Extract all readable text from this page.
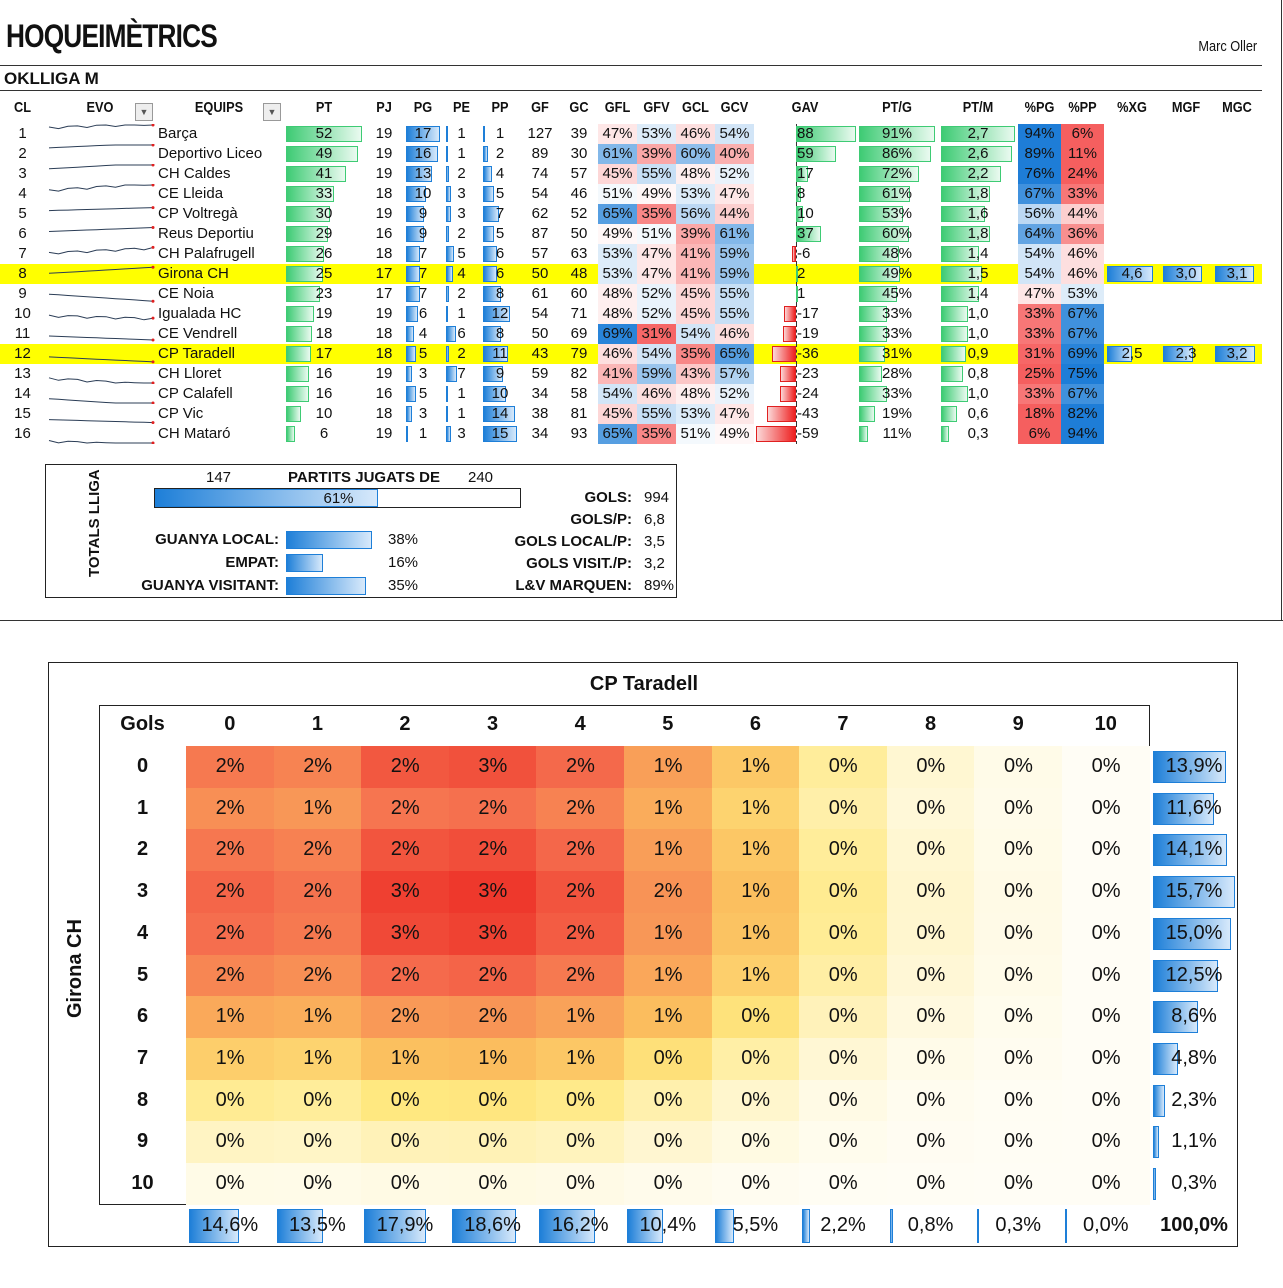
HOQUEIMÈTRICS	Marc Oller
OKLLIGA M
▼	▼
CL	EVO	EQUIPS	PT	PJ	PG	PE	PP	GF	GC	GFL GFV GCL GCV	GAV	PT/G	PT/M	%PG %PP	%XG	MGF	MGC
1	Barça	52	19	17	1	1	127	39	47% 53% 46% 54%	88	91%	2,7	94%	6%
2	Deportivo Liceo	49	19	16	1	2	89	30	61% 39% 60% 40%	59	86%	2,6	89% 11%
3	CH Caldes	41	19	13	2	4	74	57	45% 55% 48% 52%	17	72%	2,2	76% 24%
4	CE Lleida	33	18	10	3	5	54	46	51% 49% 53% 47%	8	61%	1,8	67% 33%
5	CP Voltregà	30	19	9	3	7	62	52	65% 35% 56% 44%	10	53%	1,6	56% 44%
6	Reus Deportiu	29	16	9	2	5	87	50	49% 51% 39% 61%	37	60%	1,8	64% 36%
7	CH Palafrugell	26	18	7	5	6	57	63	53% 47% 41% 59%	-6	48%	1,4	54% 46%
8	Girona CH	25	17	7	4	6	50	48	53% 47% 41% 59%	2	49%	1,5	54% 46%	4,6	3,0	3,1
9	CE Noia	23	17	7	2	8	61	60	48% 52% 45% 55%	1	45%	1,4	47% 53%
10	Igualada HC	19	19	6	1	12	54	71	48% 52% 45% 55%	-17	33%	1,0	33% 67%
11	CE Vendrell	18	18	4	6	8	50	69	69% 31% 54% 46%	-19	33%	1,0	33% 67%
12	CP Taradell	17	18	5	2	11	43	79	46% 54% 35% 65%	-36	31%	0,9	31% 69%	2,5	2,3	3,2
13	CH Lloret	16	19	3	7	9	59	82	41% 59% 43% 57%	-23	28%	0,8	25% 75%
14	CP Calafell	16	16	5	1	10	34	58	54% 46% 48% 52%	-24	33%	1,0	33% 67%
15	CP Vic	10	18	3	1	14	38	81	45% 55% 53% 47%	-43	19%	0,6	18% 82%
16	CH Mataró	6	19	1	3	15	34	93	65% 35% 51% 49%	-59	11%	0,3	6%	94%
TOTALS LLIGA	147	PARTITS JUGATS DE 240
61%
GUANYA LOCAL:	38%
EMPAT:	16%
GUANYA VISITANT:	35%
GOLS: 994
GOLS/P: 6,8
GOLS LOCAL/P: 3,5
GOLS VISIT./P: 3,2
L&V MARQUEN: 89%
CP Taradell
Girona CH
Gols	0	1	2	3	4	5	6	7	8	9	10
0	2%	2%	2%	3%	2%	1%	1%	0%	0%	0%	0%	13,9%
1	2%	1%	2%	2%	2%	1%	1%	0%	0%	0%	0%	11,6%
2	2%	2%	2%	2%	2%	1%	1%	0%	0%	0%	0%	14,1%
3	2%	2%	3%	3%	2%	2%	1%	0%	0%	0%	0%	15,7%
4	2%	2%	3%	3%	2%	1%	1%	0%	0%	0%	0%	15,0%
5	2%	2%	2%	2%	2%	1%	1%	0%	0%	0%	0%	12,5%
6	1%	1%	2%	2%	1%	1%	0%	0%	0%	0%	0%	8,6%
7	1%	1%	1%	1%	1%	0%	0%	0%	0%	0%	0%	4,8%
8	0%	0%	0%	0%	0%	0%	0%	0%	0%	0%	0%	2,3%
9	0%	0%	0%	0%	0%	0%	0%	0%	0%	0%	0%	1,1%
10	0%	0%	0%	0%	0%	0%	0%	0%	0%	0%	0%	0,3%
14,6%	13,5%	17,9%	18,6%	16,2%	10,4%	5,5%	2,2%	0,8%	0,3%	0,0%	100,0%
